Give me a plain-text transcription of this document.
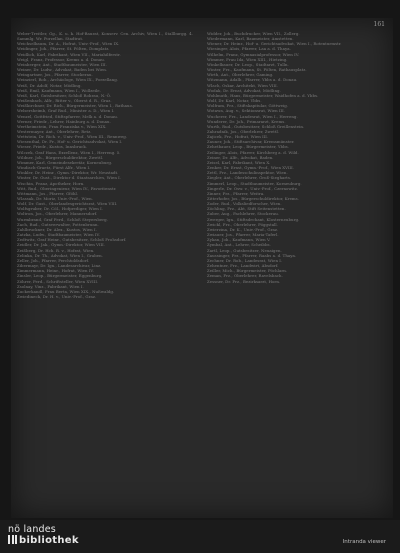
161

Weber-Treitler, Gg., K. u. k. Hof-Baurat, Konserv. Cen. Archiv, Wien I., Stallburgg. 4. Sammlg. Wr. Porzellan. Stadtrat.

Weichselbaum, Dr. A., Hofrat, Univ.-Prof., Wien IX.

Weidinger, Joh., Pfarrer, St. Pölten, Domplatz.

Weidlich, Karl, Fabrikant, Wien VII., Mariahilferstr.

Weigl, Franz, Professor, Krems a. d. Donau.

Weinberger, Ant., Stadtbaumeister, Wien III.

Weiner, Dr. Ludw., Advokat, Baden bei Wien.

Weingartner, Jos., Pfarrer, Stockerau.

Weinzierl, Rob., Archäologe, Wien IX., Porzellang.

Weiß, Dr. Adolf, Notar, Mödling.

Weiß, Emil, Kaufmann, Wien I., Wollzeile.

Weiß, Karl, Gutsbesitzer, Schloß Rohrau, N.-Ö.

Weißenbach, Alfr., Ritter v., Oberst d. R., Graz.

Weißkirchner, Dr. Rich., Bürgermeister, Wien I., Rathaus.

Welsersheimb, Graf Rud., Minister a. D., Wien I.

Wenzel, Gottfried, Stiftspfarrer, Melk a. d. Donau.

Werner, Friedr., Lehrer, Hainburg a. d. Donau.

Wertheimstein, Frau Franziska v., Wien XIX.

Westermayer, Ant., Oberlehrer, Retz.

Wettstein, Dr. Rich. v., Univ.-Prof., Wien III., Rennweg.

Wiesenthal, Dr. Fr., Hof- u. Gerichtsadvokat, Wien I.

Wieser, Friedr., Kustos, Innsbruck.

Wilczek, Graf Hans, Exzellenz, Wien I., Herreng. 5.

Wildner, Joh., Bürgerschuldirektor, Zwettl.

Wimmer, Karl, Gemeindesekretär, Korneuburg.

Windisch-Graetz, Fürst Alfr., Wien I.

Winkler, Dr. Heinr., Gymn.-Direktor, Wr. Neustadt.

Winter, Dr. Gust., Direktor d. Staatsarchivs, Wien I.

Wischin, Franz, Apotheker, Horn.

Witt, Rud., Oberingenieur, Wien IV., Favoritenstr.

Wittmann, Jos., Pfarrer, Gföhl.

Wlassak, Dr. Moriz, Univ.-Prof., Wien.

Wolf, Dr. Gust., Oberlandesgerichtsrat, Wien VIII.

Wolfsgruber, Dr. Cöl., Hofprediger, Wien I.

Woltron, Jos., Oberlehrer, Mannersdorf.

Wurmbrand, Graf Ferd., Schloß Steyersberg.

Zach, Rud., Gutsverwalter, Pottenbrunn.

Zahlbruckner, Dr. Alex., Kustos, Wien I.

Zatzka, Ludw., Stadtbaumeister, Wien IV.

Zedtwitz, Graf Heinr., Gutsbesitzer, Schloß Frohsdorf.

Zeidler, Dr. Jak., Gymn.-Direktor, Wien VIII.

Zeißberg, Dr. Hch. R. v., Hofrat, Wien.

Zelinka, Dr. Th., Advokat, Wien I., Graben.

Zeller, Joh., Pfarrer, Perchtoldsdorf.

Zibermayr, Dr. Ign., Landesarchivar, Linz.

Zimmermann, Heinr., Hofrat, Wien IV.

Zinsler, Leop., Bürgermeister, Eggenburg.

Zöhrer, Ferd., Schriftsteller, Wien XVIII.

Zsolnay, Vinz., Fabrikant, Wien I.

Zuckerkandl, Frau Berta, Wien XIX., Nußwaldg.

Zwiedineck, Dr. H. v., Univ.-Prof., Graz.

Widder, Joh., Buchdrucker, Wien VII., Zollerg.

Wiedermann, Karl, Baumeister, Amstetten.

Wiener, Dr. Heinr., Hof- u. Gerichtsadvokat, Wien I., Rotenturmstr.

Wiesinger, Alois, Pfarrer, Laa a. d. Thaya.

Wilhelm, Franz, Gymnasialprofessor, Wien IV.

Wimmer, Frau Ida, Wien XIII., Hietzing.

Winkelbauer, Dr. Leop., Stadtarzt, Tulln.

Winter, Frz., Kaufmann, St. Pölten, Rathausplatz.

Wirth, Ant., Oberlehrer, Gaming.

Witzmann, Adalb., Pfarrer, Ybbs a. d. Donau.

Wlach, Oskar, Architekt, Wien VIII.

Wodak, Dr. Ernst, Advokat, Mödling.

Wohlmuth, Hans, Bürgermeister, Waidhofen a. d. Ybbs.

Wolf, Dr. Karl, Notar, Ybbs.

Wolfram, Frz., Stiftskapitular, Göttweig.

Wotawa, Aug. v., Sektionsrat, Wien III.

Wucherer, Frz., Landesrat, Wien I., Herreng.

Wunderer, Dr. Joh., Primararzt, Krems.

Wurth, Rud., Gutsbesitzer, Schloß Greillenstein.

Zahradnik, Jos., Oberlehrer, Zwettl.

Zajicek, Frz., Hofrat, Wien III.

Zauner, Joh., Stiftsarchivar, Kremsmünster.

Zehetbauer, Leop., Bürgermeister, Ybbs.

Zeilinger, Alois, Pfarrer, Kirchberg a. d. Wild.

Zeiner, Dr. Alfr., Advokat, Baden.

Zeisel, Karl, Fabrikant, Wien X.

Zenker, Dr. Ernst, Gymn.-Prof., Wien XVIII.

Zettl, Frz., Landesschulinspektor, Wien.

Ziegler, Ant., Oberlehrer, Groß-Siegharts.

Zimmerl, Leop., Stadtbaumeister, Korneuburg.

Zingerle, Dr. Osw. v., Univ.-Prof., Czernowitz.

Zinner, Frz., Pfarrer, Weitra.

Zitterhofer, Jos., Bürgerschuldirektor, Krems.

Zoder, Rud., Volksliedforscher, Wien.

Zöchling, Frz., Abt, Stift Seitenstetten.

Zuber, Aug., Fachlehrer, Stockerau.

Zwerger, Ign., Stiftsdechant, Klosterneuburg.

Zwickl, Frz., Oberlehrer, Pöggstall.

Zwierzina, Dr. K., Univ.-Prof., Graz.

Zwiauer, Jos., Pfarrer, Maria-Taferl.

Zykan, Joh., Kaufmann, Wien V.

Zymbal, Ant., Lehrer, Scheibbs.

Zartl, Leop., Gutsbesitzer, Neuaigen.

Zaussinger, Frz., Pfarrer, Raabs a. d. Thaya.

Zechner, Dr. Rob., Landesrat, Wien I.

Zehentner, Frz., Landwirt, Absdorf.

Zeiller, Mich., Bürgermeister, Pöchlarn.

Zeman, Frz., Oberlehrer, Ravelsbach.

Zessner, Dr. Frz., Bezirksarzt, Horn.

nö landes
bibliothek	Intranda viewer
